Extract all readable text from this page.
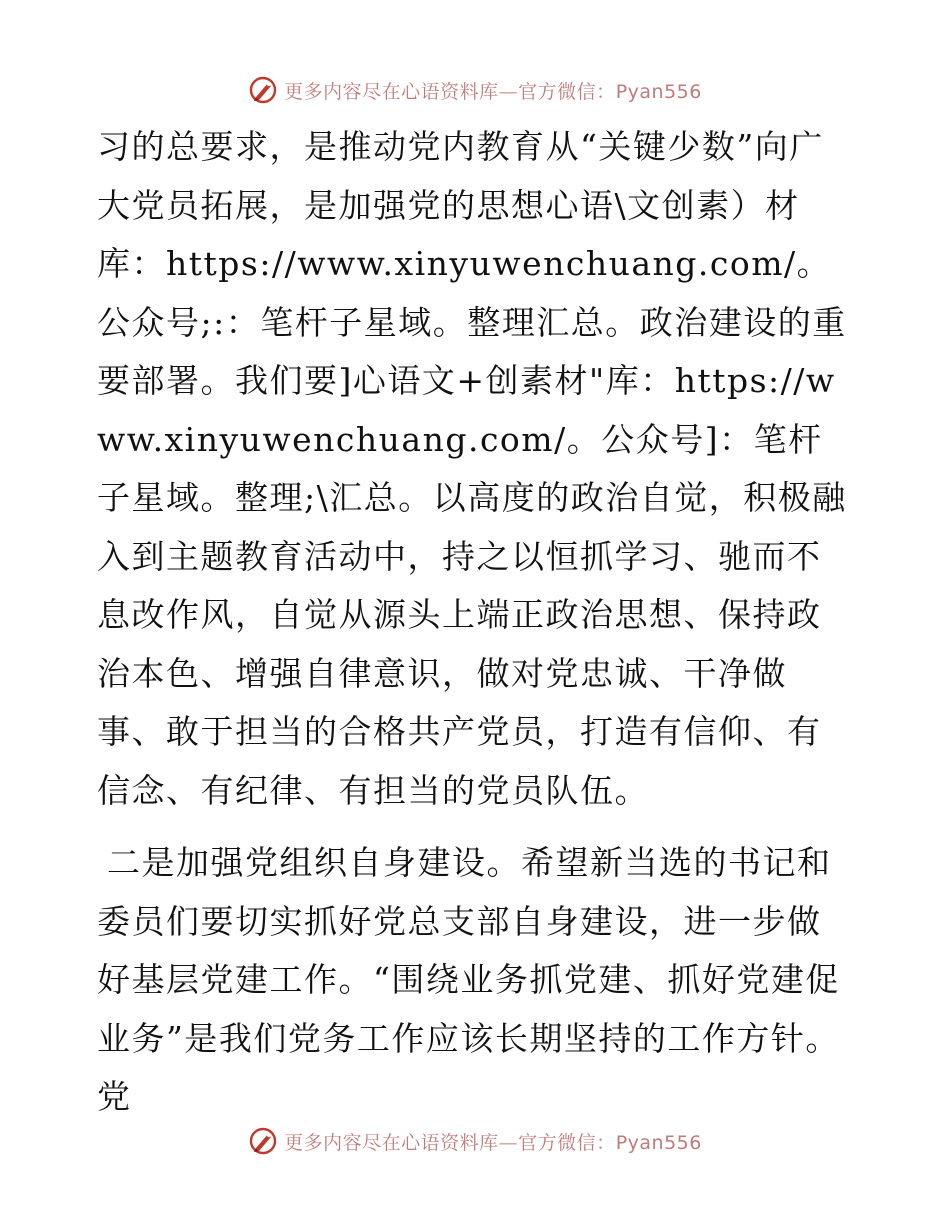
更多内容尽在心语资料库—官方微信：Pyan556

习的总要求，是推动党内教育从“关键少数”向广大党员拓展，是加强党的思想心语\文创素）材库：https://www.xinyuwenchuang.com/。公众号;:：笔杆子星域。整理汇总。政治建设的重要部署。我们要]心语文+创素材"库：https://www.xinyuwenchuang.com/。公众号]：笔杆子星域。整理;\汇总。以高度的政治自觉，积极融入到主题教育活动中，持之以恒抓学习、驰而不息改作风，自觉从源头上端正政治思想、保持政治本色、增强自律意识，做对党忠诚、干净做事、敢于担当的合格共产党员，打造有信仰、有信念、有纪律、有担当的党员队伍。

二是加强党组织自身建设。希望新当选的书记和委员们要切实抓好党总支部自身建设，进一步做好基层党建工作。“围绕业务抓党建、抓好党建促业务”是我们党务工作应该长期坚持的工作方针。党

更多内容尽在心语资料库—官方微信：Pyan556
